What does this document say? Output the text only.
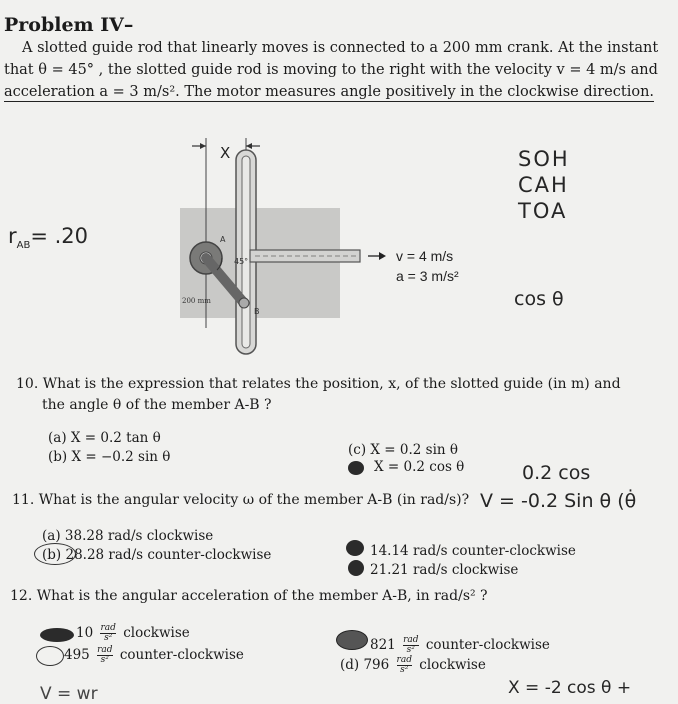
Problem IV–
A slotted guide rod that linearly moves is connected to a 200 mm crank. At the instant
that θ = 45° , the slotted guide rod is moving to the right with the velocity v = 4 m/s and
acceleration a = 3 m/s². The motor measures angle positively in the clockwise direction.
X
45°
A
B
200 mm
v = 4 m/s
a = 3 m/s²
SOH
CAH
TOA
$r_{AB}= .20$
cos θ
10. What is the expression that relates the position, x, of the slotted guide (in m) and
the angle θ of the member A-B ?
(a) X = 0.2 tan θ
(b) X = −0.2 sin θ	(c) X = 0.2 sin θ
X = 0.2 cos θ	0.2 cos
11. What is the angular velocity ω of the member A-B (in rad/s)? V = -0.2 Sin θ (θ̇
(a) 38.28 rad/s clockwise
(b) 28.28 rad/s counter-clockwise	14.14 rad/s counter-clockwise
21.21 rad/s clockwise
12. What is the angular acceleration of the member A-B, in rad/s² ?
$10 \frac{\text{rad}}{\text{s²}}$ clockwise
$495 \frac{\text{rad}}{\text{s²}}$ counter-clockwise
$821 \frac{\text{rad}}{\text{s²}}$ counter-clockwise
(d) $796 \frac{\text{rad}}{\text{s²}}$ clockwise
X = -2 cos θ +
V = wr
